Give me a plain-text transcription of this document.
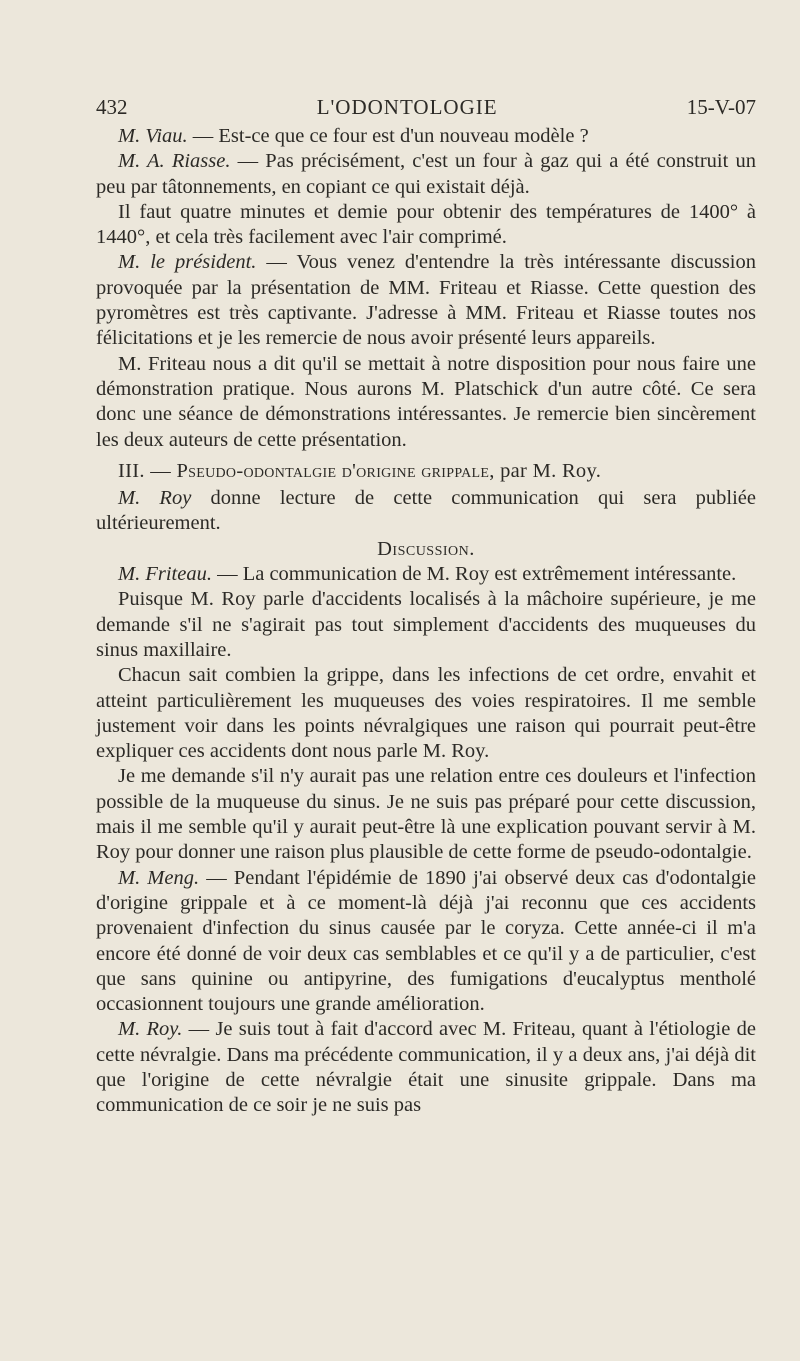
432	L'ODONTOLOGIE	15-V-07

M. Viau. — Est-ce que ce four est d'un nouveau modèle ?

M. A. Riasse. — Pas précisément, c'est un four à gaz qui a été construit un peu par tâtonnements, en copiant ce qui existait déjà.

Il faut quatre minutes et demie pour obtenir des températures de 1400° à 1440°, et cela très facilement avec l'air comprimé.

M. le président. — Vous venez d'entendre la très intéressante discussion provoquée par la présentation de MM. Friteau et Riasse. Cette question des pyromètres est très captivante. J'adresse à MM. Friteau et Riasse toutes nos félicitations et je les remercie de nous avoir présenté leurs appareils.

M. Friteau nous a dit qu'il se mettait à notre disposition pour nous faire une démonstration pratique. Nous aurons M. Platschick d'un autre côté. Ce sera donc une séance de démonstrations intéressantes. Je remercie bien sincèrement les deux auteurs de cette présentation.

III. — Pseudo-odontalgie d'origine grippale, par M. Roy.

M. Roy donne lecture de cette communication qui sera publiée ultérieurement.

Discussion.

M. Friteau. — La communication de M. Roy est extrêmement intéressante.

Puisque M. Roy parle d'accidents localisés à la mâchoire supérieure, je me demande s'il ne s'agirait pas tout simplement d'accidents des muqueuses du sinus maxillaire.

Chacun sait combien la grippe, dans les infections de cet ordre, envahit et atteint particulièrement les muqueuses des voies respiratoires. Il me semble justement voir dans les points névralgiques une raison qui pourrait peut-être expliquer ces accidents dont nous parle M. Roy.

Je me demande s'il n'y aurait pas une relation entre ces douleurs et l'infection possible de la muqueuse du sinus. Je ne suis pas préparé pour cette discussion, mais il me semble qu'il y aurait peut-être là une explication pouvant servir à M. Roy pour donner une raison plus plausible de cette forme de pseudo-odontalgie.

M. Meng. — Pendant l'épidémie de 1890 j'ai observé deux cas d'odontalgie d'origine grippale et à ce moment-là déjà j'ai reconnu que ces accidents provenaient d'infection du sinus causée par le coryza. Cette année-ci il m'a encore été donné de voir deux cas semblables et ce qu'il y a de particulier, c'est que sans quinine ou antipyrine, des fumigations d'eucalyptus mentholé occasionnent toujours une grande amélioration.

M. Roy. — Je suis tout à fait d'accord avec M. Friteau, quant à l'étiologie de cette névralgie. Dans ma précédente communication, il y a deux ans, j'ai déjà dit que l'origine de cette névralgie était une sinusite grippale. Dans ma communication de ce soir je ne suis pas
